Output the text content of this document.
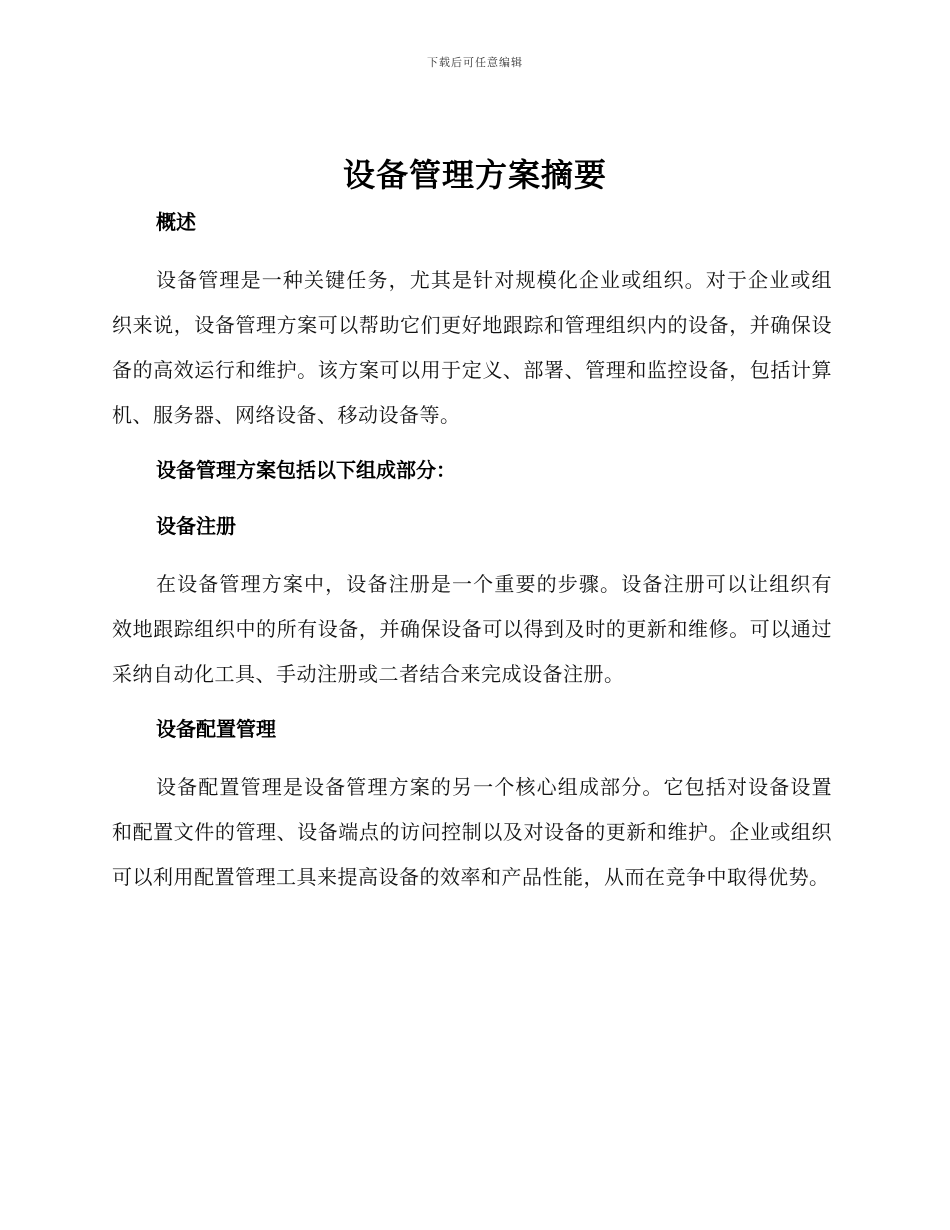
下载后可任意编辑
设备管理方案摘要

概述

设备管理是一种关键任务，尤其是针对规模化企业或组织。对于企业或组织来说，设备管理方案可以帮助它们更好地跟踪和管理组织内的设备，并确保设备的高效运行和维护。该方案可以用于定义、部署、管理和监控设备，包括计算机、服务器、网络设备、移动设备等。

设备管理方案包括以下组成部分：

设备注册

在设备管理方案中，设备注册是一个重要的步骤。设备注册可以让组织有效地跟踪组织中的所有设备，并确保设备可以得到及时的更新和维修。可以通过采纳自动化工具、手动注册或二者结合来完成设备注册。

设备配置管理

设备配置管理是设备管理方案的另一个核心组成部分。它包括对设备设置和配置文件的管理、设备端点的访问控制以及对设备的更新和维护。企业或组织可以利用配置管理工具来提高设备的效率和产品性能，从而在竞争中取得优势。
